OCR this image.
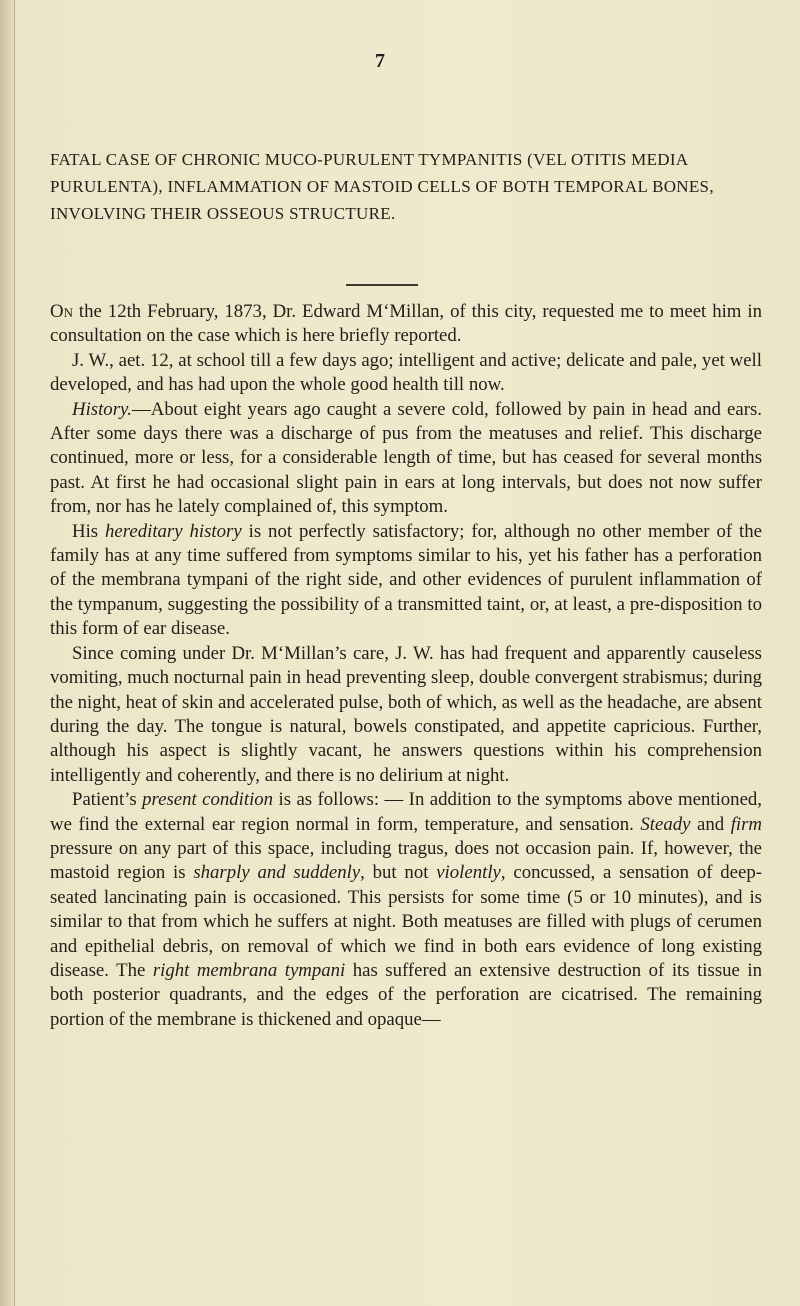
7
FATAL CASE OF CHRONIC MUCO-PURULENT TYMPANITIS (VEL OTITIS MEDIA PURULENTA), INFLAMMATION OF MASTOID CELLS OF BOTH TEMPORAL BONES, INVOLVING THEIR OSSEOUS STRUCTURE.

On the 12th February, 1873, Dr. Edward M‘Millan, of this city, requested me to meet him in consultation on the case which is here briefly reported.

J. W., aet. 12, at school till a few days ago; intelligent and active; delicate and pale, yet well developed, and has had upon the whole good health till now.

History.—About eight years ago caught a severe cold, followed by pain in head and ears. After some days there was a discharge of pus from the meatuses and relief. This discharge continued, more or less, for a considerable length of time, but has ceased for several months past. At first he had occasional slight pain in ears at long intervals, but does not now suffer from, nor has he lately complained of, this symptom.

His hereditary history is not perfectly satisfactory; for, although no other member of the family has at any time suffered from symptoms similar to his, yet his father has a perforation of the membrana tympani of the right side, and other evidences of purulent inflammation of the tympanum, suggesting the possibility of a transmitted taint, or, at least, a pre-disposition to this form of ear disease.

Since coming under Dr. M‘Millan’s care, J. W. has had frequent and apparently causeless vomiting, much nocturnal pain in head preventing sleep, double convergent strabismus; during the night, heat of skin and accelerated pulse, both of which, as well as the headache, are absent during the day. The tongue is natural, bowels constipated, and appetite capricious. Further, although his aspect is slightly vacant, he answers questions within his comprehension intelligently and coherently, and there is no delirium at night.

Patient’s present condition is as follows: — In addition to the symptoms above mentioned, we find the external ear region normal in form, temperature, and sensation. Steady and firm pressure on any part of this space, including tragus, does not occasion pain. If, however, the mastoid region is sharply and suddenly, but not violently, concussed, a sensation of deep-seated lancinating pain is occasioned. This persists for some time (5 or 10 minutes), and is similar to that from which he suffers at night. Both meatuses are filled with plugs of cerumen and epithelial debris, on removal of which we find in both ears evidence of long existing disease. The right membrana tympani has suffered an extensive destruction of its tissue in both posterior quadrants, and the edges of the perforation are cicatrised. The remaining portion of the membrane is thickened and opaque—
